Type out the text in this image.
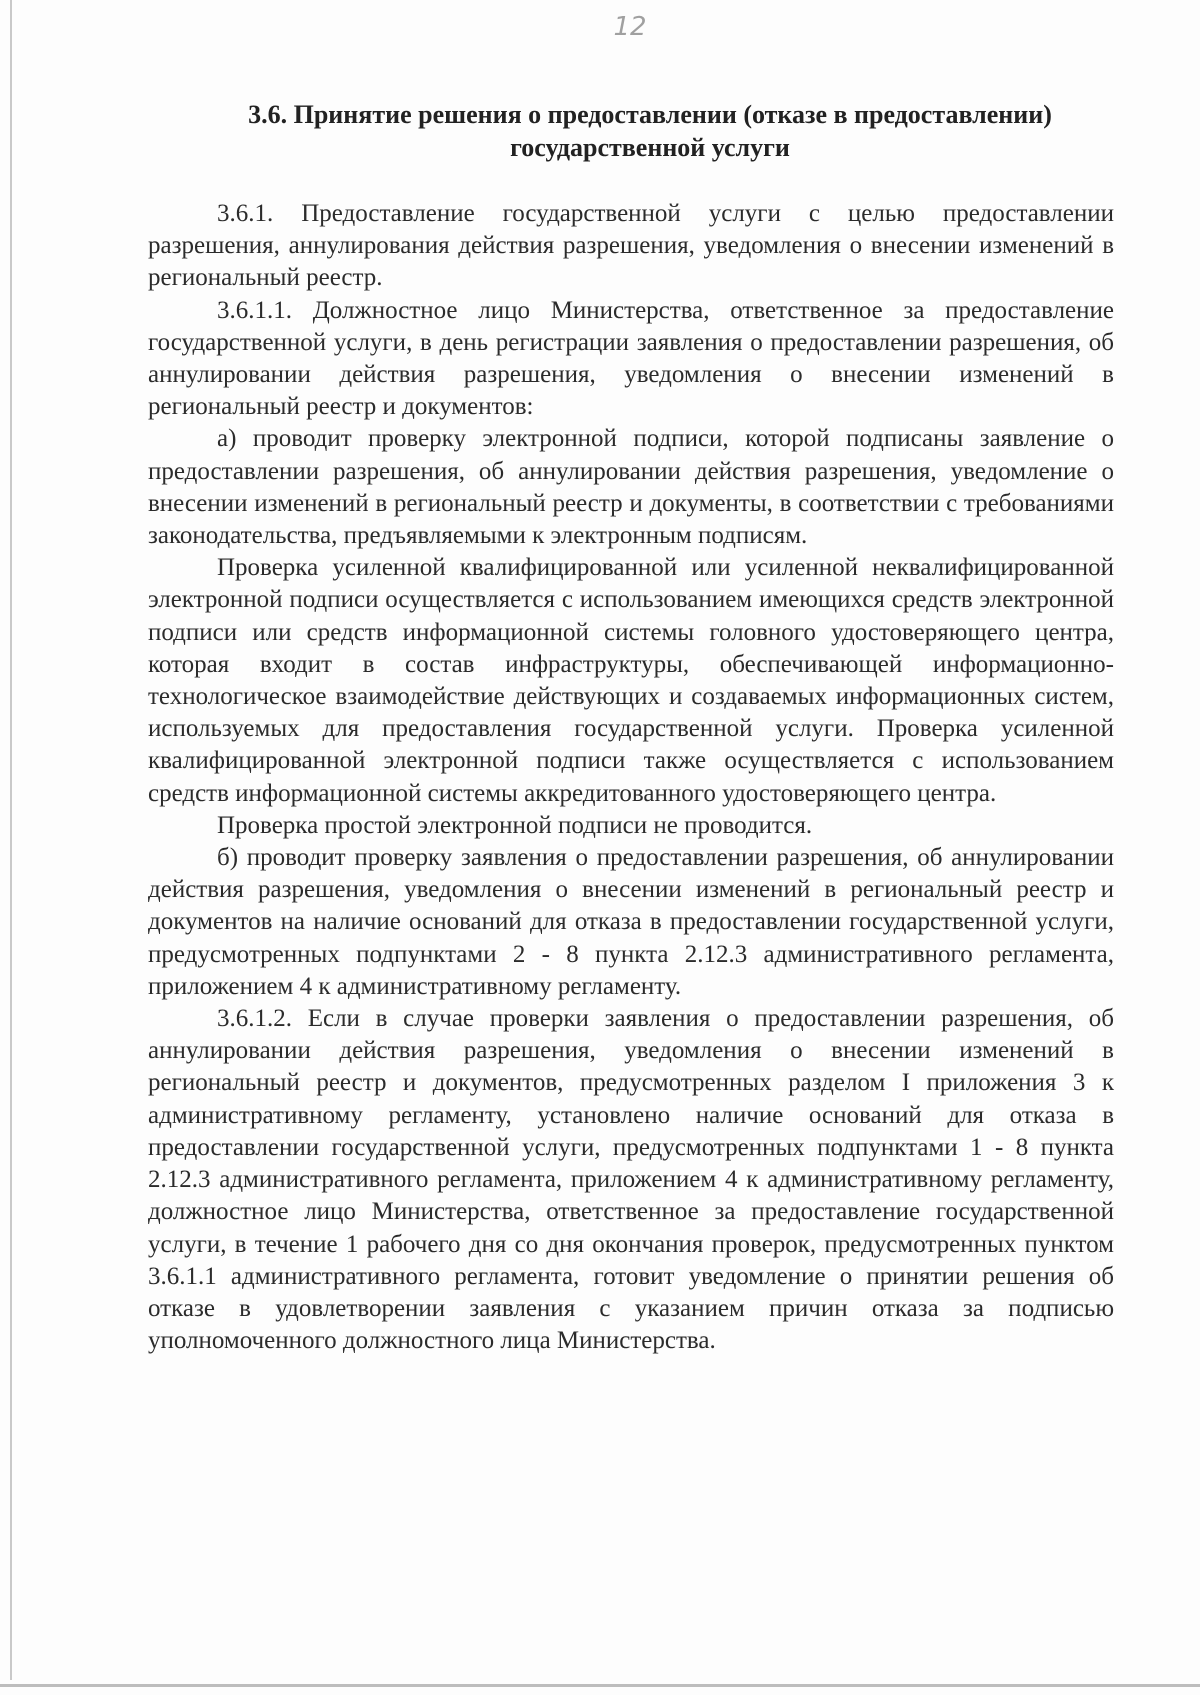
12
3.6. Принятие решения о предоставлении (отказе в предоставлении)
государственной услуги

3.6.1. Предоставление государственной услуги с целью предоставлении разрешения, аннулирования действия разрешения, уведомления о внесении изменений в региональный реестр.

3.6.1.1. Должностное лицо Министерства, ответственное за предоставление государственной услуги, в день регистрации заявления о предоставлении разрешения, об аннулировании действия разрешения, уведомления о внесении изменений в региональный реестр и документов:

а) проводит проверку электронной подписи, которой подписаны заявление о предоставлении разрешения, об аннулировании действия разрешения, уведомление о внесении изменений в региональный реестр и документы, в соответствии с требованиями законодательства, предъявляемыми к электронным подписям.

Проверка усиленной квалифицированной или усиленной неквалифицированной электронной подписи осуществляется с использованием имеющихся средств электронной подписи или средств информационной системы головного удостоверяющего центра, которая входит в состав инфраструктуры, обеспечивающей информационно-технологическое взаимодействие действующих и создаваемых информационных систем, используемых для предоставления государственной услуги. Проверка усиленной квалифицированной электронной подписи также осуществляется с использованием средств информационной системы аккредитованного удостоверяющего центра.

Проверка простой электронной подписи не проводится.

б) проводит проверку заявления о предоставлении разрешения, об аннулировании действия разрешения, уведомления о внесении изменений в региональный реестр и документов на наличие оснований для отказа в предоставлении государственной услуги, предусмотренных подпунктами 2 - 8 пункта 2.12.3 административного регламента, приложением 4 к административному регламенту.

3.6.1.2. Если в случае проверки заявления о предоставлении разрешения, об аннулировании действия разрешения, уведомления о внесении изменений в региональный реестр и документов, предусмотренных разделом I приложения 3 к административному регламенту, установлено наличие оснований для отказа в предоставлении государственной услуги, предусмотренных подпунктами 1 - 8 пункта 2.12.3 административного регламента, приложением 4 к административному регламенту, должностное лицо Министерства, ответственное за предоставление государственной услуги, в течение 1 рабочего дня со дня окончания проверок, предусмотренных пунктом 3.6.1.1 административного регламента, готовит уведомление о принятии решения об отказе в удовлетворении заявления с указанием причин отказа за подписью уполномоченного должностного лица Министерства.
